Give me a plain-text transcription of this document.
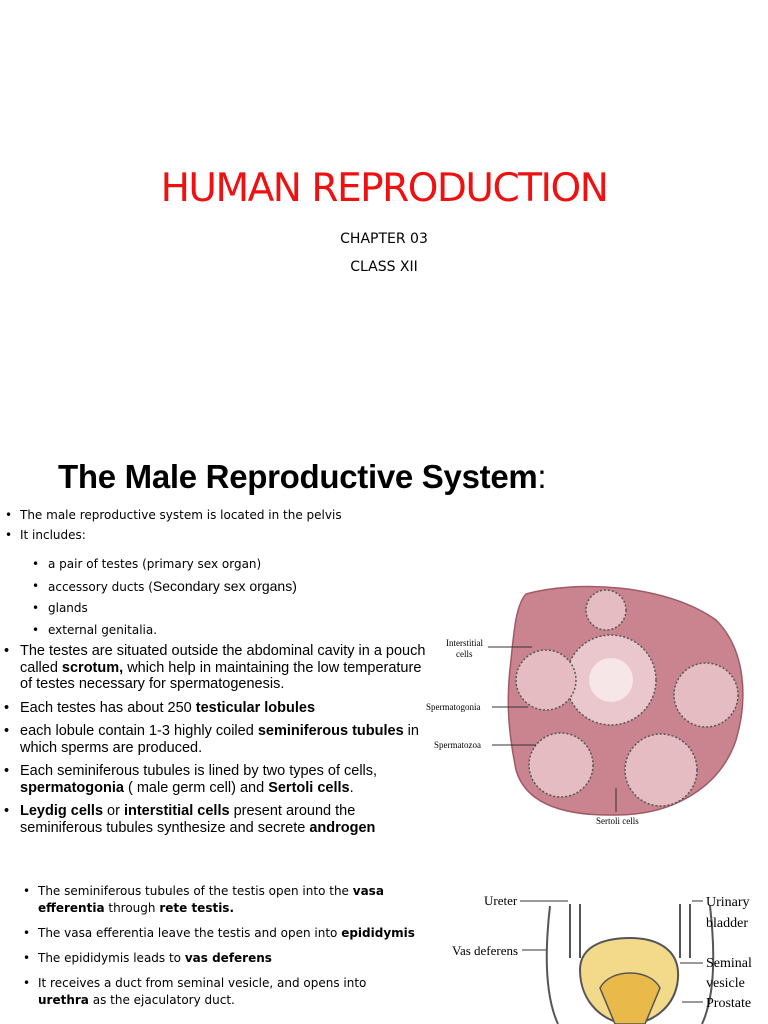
HUMAN REPRODUCTION
CHAPTER 03
CLASS XII
The Male Reproductive System:
• The male reproductive system is located in the pelvis
• It includes:
• a pair of testes (primary sex organ)
• accessory ducts (Secondary sex organs)
• glands
• external genitalia.
• The testes are situated outside the abdominal cavity in a pouch called scrotum, which help in maintaining the low temperature of testes necessary for spermatogenesis.
• Each testes has about 250 testicular lobules
• each lobule contain 1-3 highly coiled seminiferous tubules in which sperms are produced.
• Each seminiferous tubules is lined by two types of cells, spermatogonia ( male germ cell) and Sertoli cells.
• Leydig cells or interstitial cells present around the seminiferous tubules synthesize and secrete androgen
• The seminiferous tubules of the testis open into the vasa efferentia through rete testis.
• The vasa efferentia leave the testis and open into epididymis
• The epididymis leads to vas deferens
• It receives a duct from seminal vesicle, and opens into urethra as the ejaculatory duct.
Interstitial
cells
Spermatogonia
Spermatozoa
Sertoli cells
Ureter
Vas deferens
Urinary
bladder
Seminal
vesicle
Prostate
